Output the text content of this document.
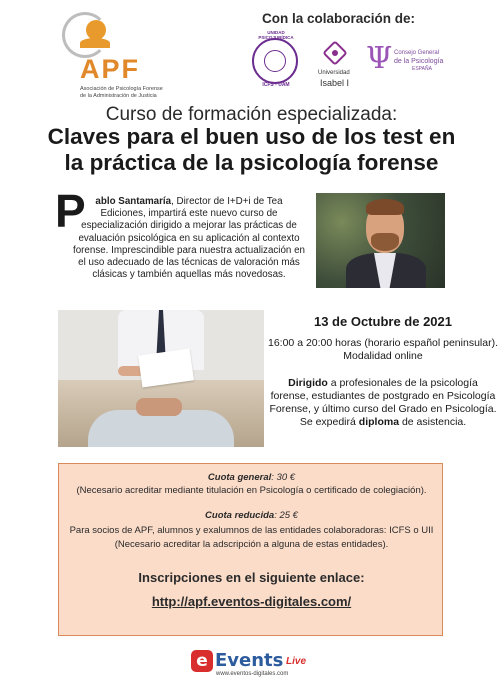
APF
Asociación de Psicología Forense
de la Administración de Justicia
Con la colaboración de:
UNIDAD PSICOJURÍDICA
ICFS - UAM
Universidad
Isabel I
Ψ Consejo General
de la Psicología
ESPAÑA
Curso de formación especializada:
Claves para el buen uso de los test en
la práctica de la psicología forense
P ablo Santamaría, Director de I+D+i de Tea Ediciones, impartirá este nuevo curso de especialización dirigido a mejorar las prácticas de evaluación psicológica en su aplicación al contexto forense. Imprescindible para nuestra actualización en el uso adecuado de las técnicas de valoración más clásicas y también aquellas más novedosas.
13 de Octubre de 2021
16:00 a 20:00 horas (horario español peninsular). Modalidad online
Dirigido a profesionales de la psicología forense, estudiantes de postgrado en Psicología Forense, y último curso del Grado en Psicología.
Se expedirá diploma de asistencia.
Cuota general: 30 €
(Necesario acreditar mediante titulación en Psicología o certificado de colegiación).
Cuota reducida: 25 €
Para socios de APF, alumnos y exalumnos de las entidades colaboradoras: ICFS o UII
(Necesario acreditar la adscripción a alguna de estas entidades).
Inscripciones en el siguiente enlace:
http://apf.eventos-digitales.com/
e Events Live
www.eventos-digitales.com
